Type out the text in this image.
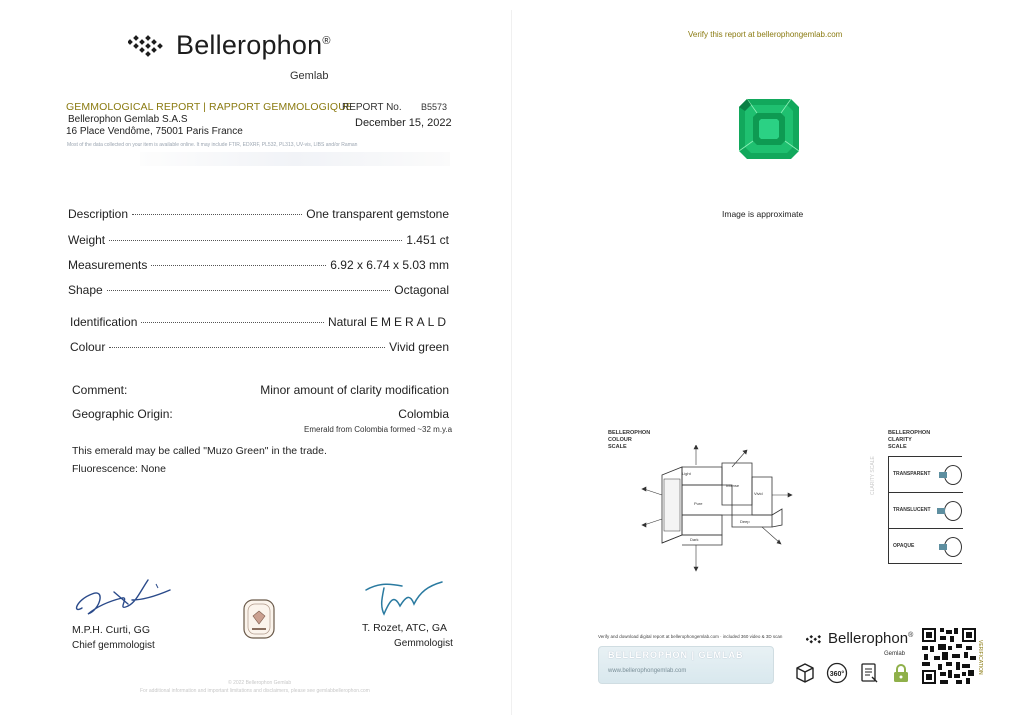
Bellerophon®
Gemlab
GEMMOLOGICAL REPORT | RAPPORT GEMMOLOGIQUE
REPORT No. B5573
Bellerophon Gemlab S.A.S
16 Place Vendôme, 75001 Paris France
December 15, 2022
Most of the data collected on your item is available online. It may include FTIR, EDXRF, PL532, PL313, UV-vis, LIBS and/or Raman
Description	One transparent gemstone
Weight	1.451 ct
Measurements	6.92 x 6.74 x 5.03 mm
Shape	Octagonal
Identification	Natural EMERALD
Colour	Vivid green
Comment:	Minor amount of clarity modification
Geographic Origin:	Colombia
Emerald from Colombia formed ~32 m.y.a
This emerald may be called "Muzo Green" in the trade.
Fluorescence: None
M.P.H. Curti, GG
Chief gemmologist
T. Rozet, ATC, GA
Gemmologist
© 2022 Bellerophon Gemlab
For additional information and important limitations and disclaimers, please see gemlabbellerophon.com
Verify this report at bellerophongemlab.com
Image is approximate
BELLEROPHON
COLOUR
SCALE
Light
Pure
Intense
Vivid
Deep
Dark
CLARITY SCALE
BELLEROPHON
CLARITY
SCALE
TRANSPARENT
TRANSLUCENT
OPAQUE
Verify and download digital report at bellerophongemlab.com · included 360 video & 3D scan
BELLEROPHON | GEMLAB
www.bellerophongemlab.com
Bellerophon®
Gemlab	VERIFICATION
360°
